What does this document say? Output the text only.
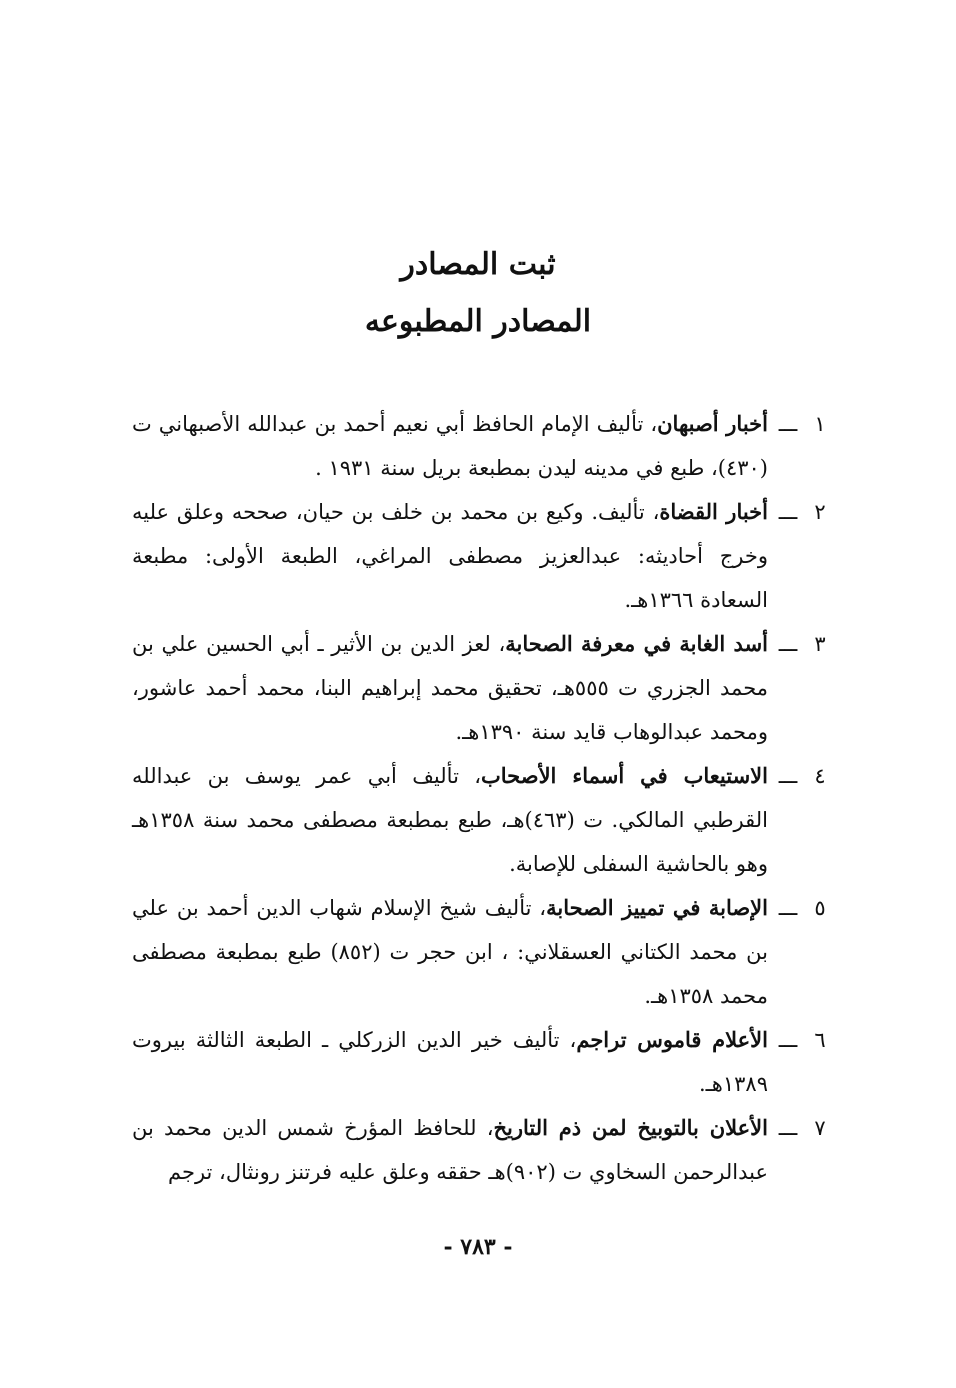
ثبت المصادر
المصادر المطبوعه
١
ـــ
أخبار أصبهان، تأليف الإمام الحافظ أبي نعيم أحمد بن عبدالله الأصبهاني ت (٤٣٠)، طبع في مدينه ليدن بمطبعة بريل سنة ١٩٣١ .
٢
ـــ
أخبار القضاة، تأليف. وكيع بن محمد بن خلف بن حيان، صححه وعلق عليه وخرج أحاديثه: عبدالعزيز مصطفى المراغي، الطبعة الأولى: مطبعة السعادة ١٣٦٦هـ.
٣
ـــ
أسد الغابة في معرفة الصحابة، لعز الدين بن الأثير ـ أبي الحسين علي بن محمد الجزري ت ٥٥٥هـ، تحقيق محمد إبراهيم البنا، محمد أحمد عاشور، ومحمد عبدالوهاب قايد سنة ١٣٩٠هـ.
٤
ـــ
الاستيعاب في أسماء الأصحاب، تأليف أبي عمر يوسف بن عبدالله القرطبي المالكي. ت (٤٦٣)هـ، طبع بمطبعة مصطفى محمد سنة ١٣٥٨هـ وهو بالحاشية السفلى للإصابة.
٥
ـــ
الإصابة في تمييز الصحابة، تأليف شيخ الإسلام شهاب الدين أحمد بن علي بن محمد الكتاني العسقلاني: ، ابن حجر ت (٨٥٢) طبع بمطبعة مصطفى محمد ١٣٥٨هـ.
٦
ـــ
الأعلام قاموس تراجم، تأليف خير الدين الزركلي ـ الطبعة الثالثة بيروت ١٣٨٩هـ.
٧
ـــ
الأعلان بالتوبيخ لمن ذم التاريخ، للحافظ المؤرخ شمس الدين محمد بن عبدالرحمن السخاوي ت (٩٠٢)هـ حققه وعلق عليه فرتنز رونثال، ترجم
- ٧٨٣ -
